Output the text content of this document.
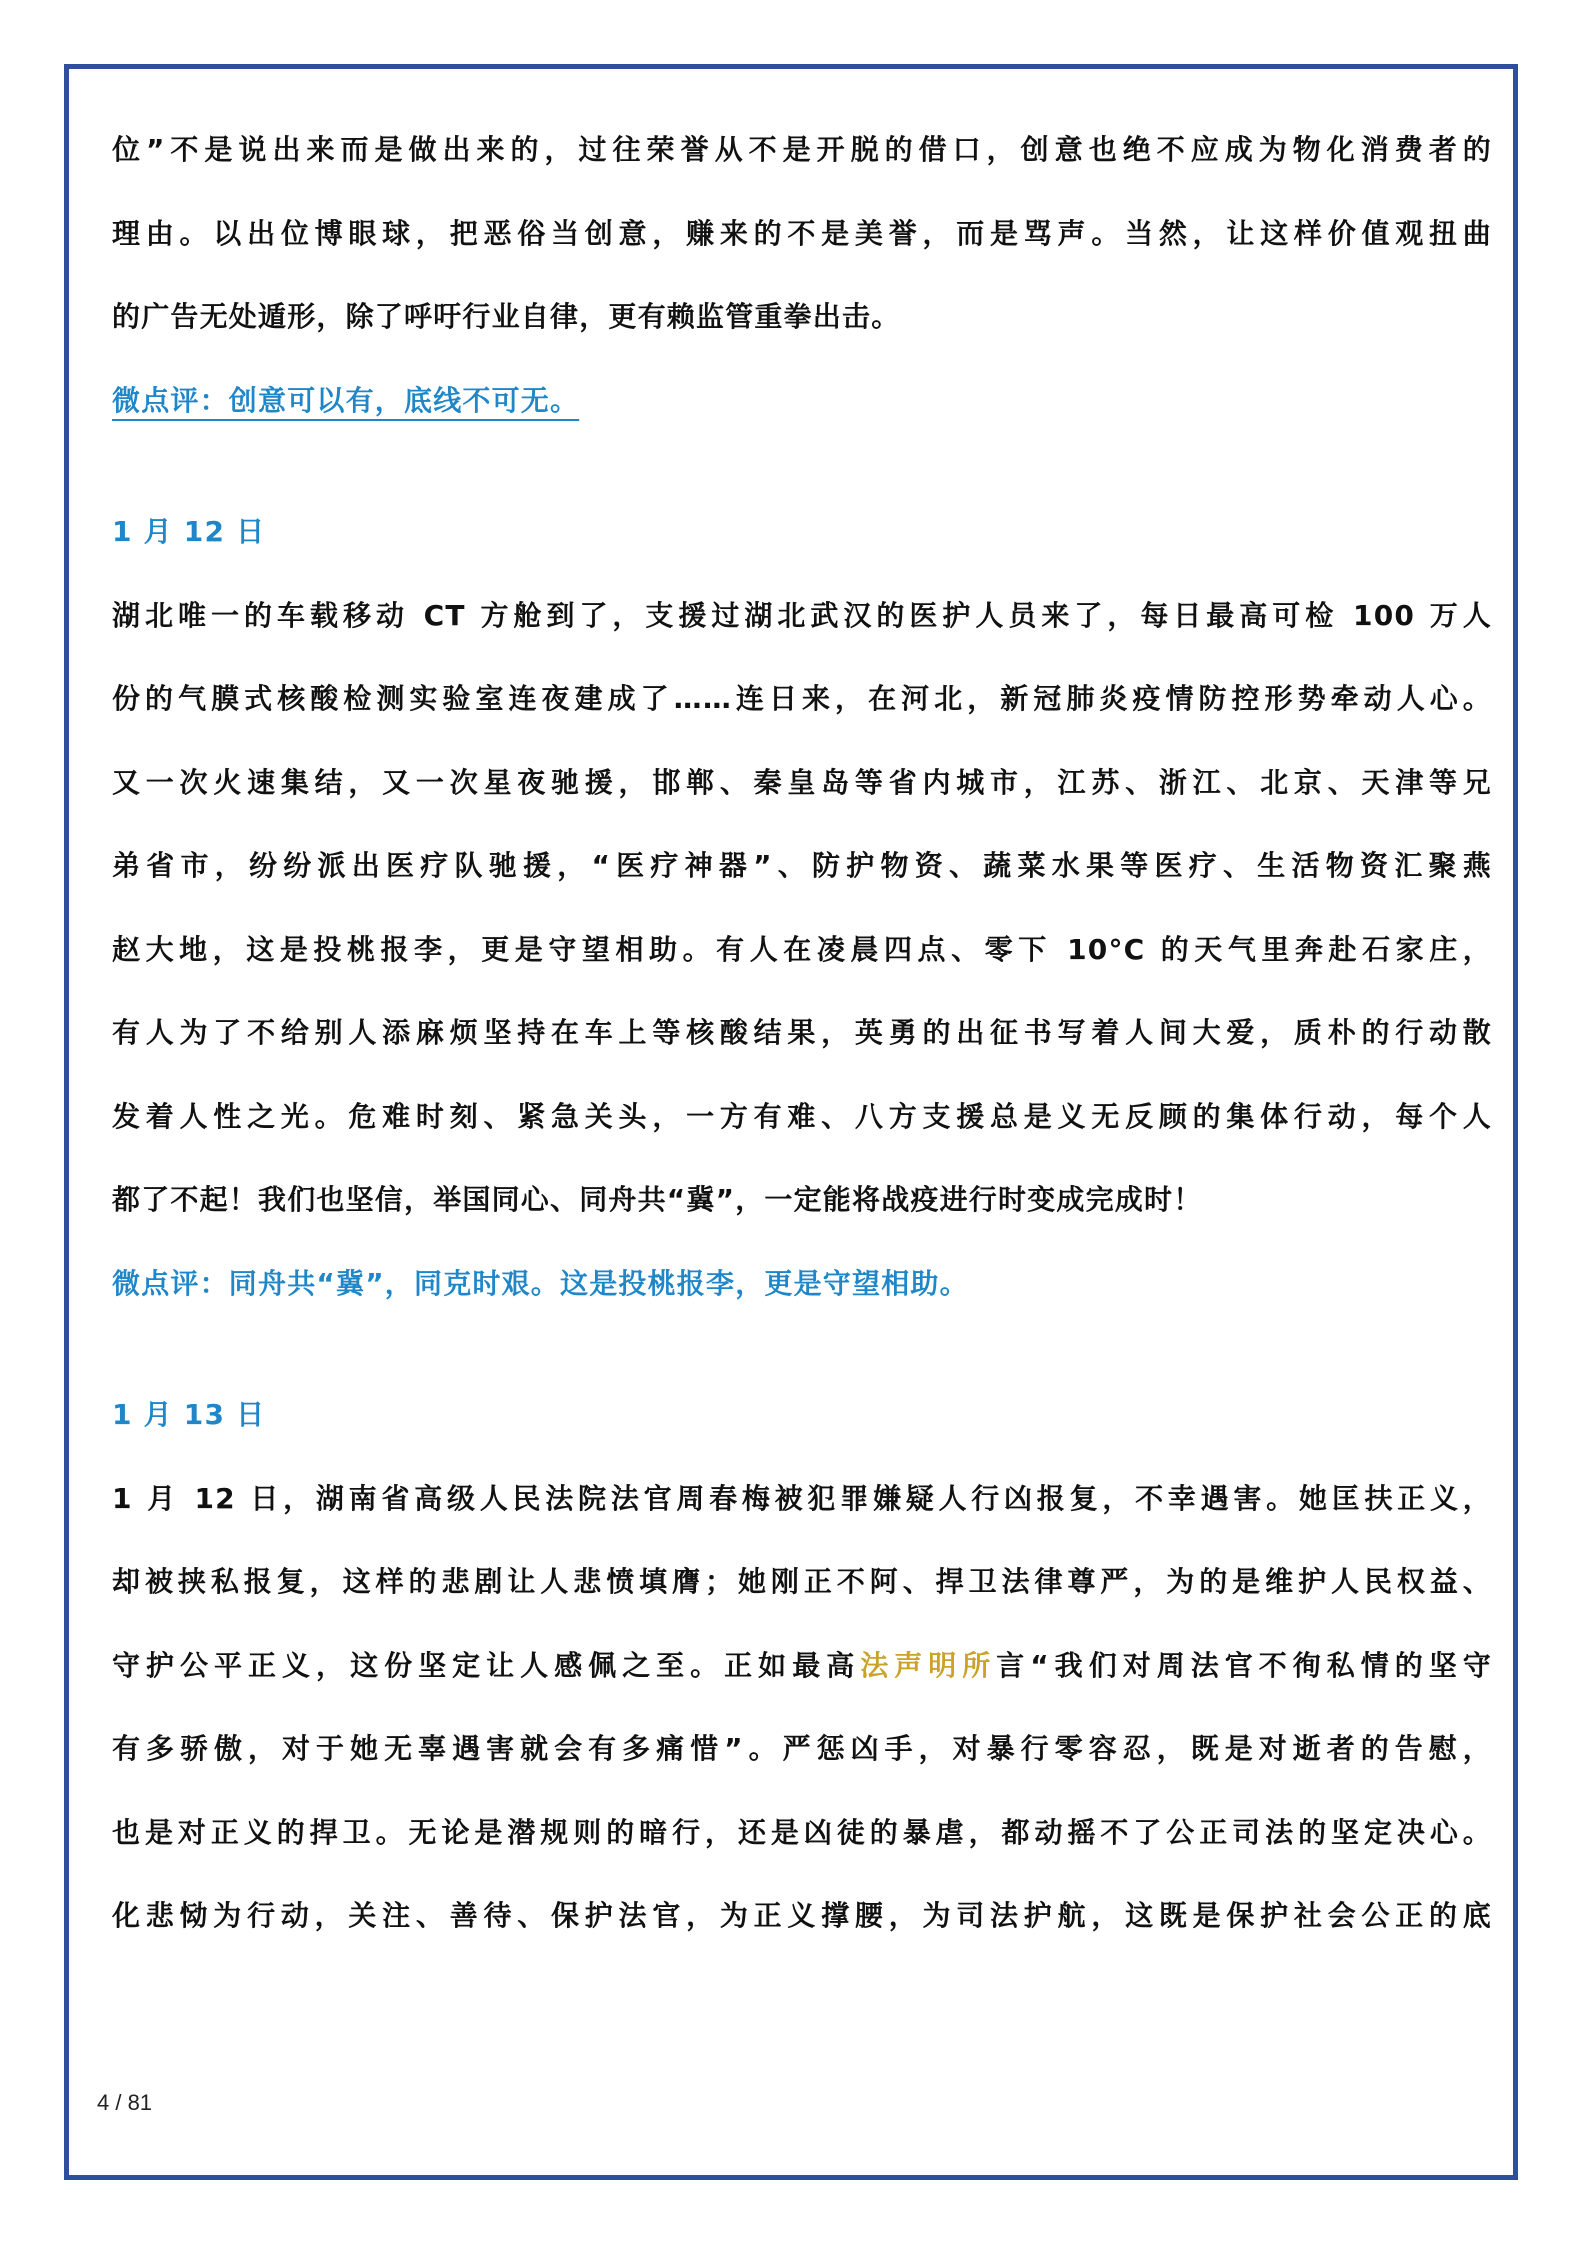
位”不是说出来而是做出来的，过往荣誉从不是开脱的借口，创意也绝不应成为物化消费者的

理由。以出位博眼球，把恶俗当创意，赚来的不是美誉，而是骂声。当然，让这样价值观扭曲

的广告无处遁形，除了呼吁行业自律，更有赖监管重拳出击。

微点评：创意可以有，底线不可无。

1 月 12 日

湖北唯一的车载移动 CT 方舱到了，支援过湖北武汉的医护人员来了，每日最高可检 100 万人

份的气膜式核酸检测实验室连夜建成了……连日来，在河北，新冠肺炎疫情防控形势牵动人心。

又一次火速集结，又一次星夜驰援，邯郸、秦皇岛等省内城市，江苏、浙江、北京、天津等兄

弟省市，纷纷派出医疗队驰援，“医疗神器”、防护物资、蔬菜水果等医疗、生活物资汇聚燕

赵大地，这是投桃报李，更是守望相助。有人在凌晨四点、零下 10°C 的天气里奔赴石家庄，

有人为了不给别人添麻烦坚持在车上等核酸结果，英勇的出征书写着人间大爱，质朴的行动散

发着人性之光。危难时刻、紧急关头，一方有难、八方支援总是义无反顾的集体行动，每个人

都了不起！我们也坚信，举国同心、同舟共“冀”，一定能将战疫进行时变成完成时！

微点评：同舟共“冀”，同克时艰。这是投桃报李，更是守望相助。

1 月 13 日

1 月 12 日，湖南省高级人民法院法官周春梅被犯罪嫌疑人行凶报复，不幸遇害。她匡扶正义，

却被挟私报复，这样的悲剧让人悲愤填膺；她刚正不阿、捍卫法律尊严，为的是维护人民权益、

守护公平正义，这份坚定让人感佩之至。正如最高法声明所言“我们对周法官不徇私情的坚守

有多骄傲，对于她无辜遇害就会有多痛惜”。严惩凶手，对暴行零容忍，既是对逝者的告慰，

也是对正义的捍卫。无论是潜规则的暗行，还是凶徒的暴虐，都动摇不了公正司法的坚定决心。

化悲恸为行动，关注、善待、保护法官，为正义撑腰，为司法护航，这既是保护社会公正的底

4 / 81
